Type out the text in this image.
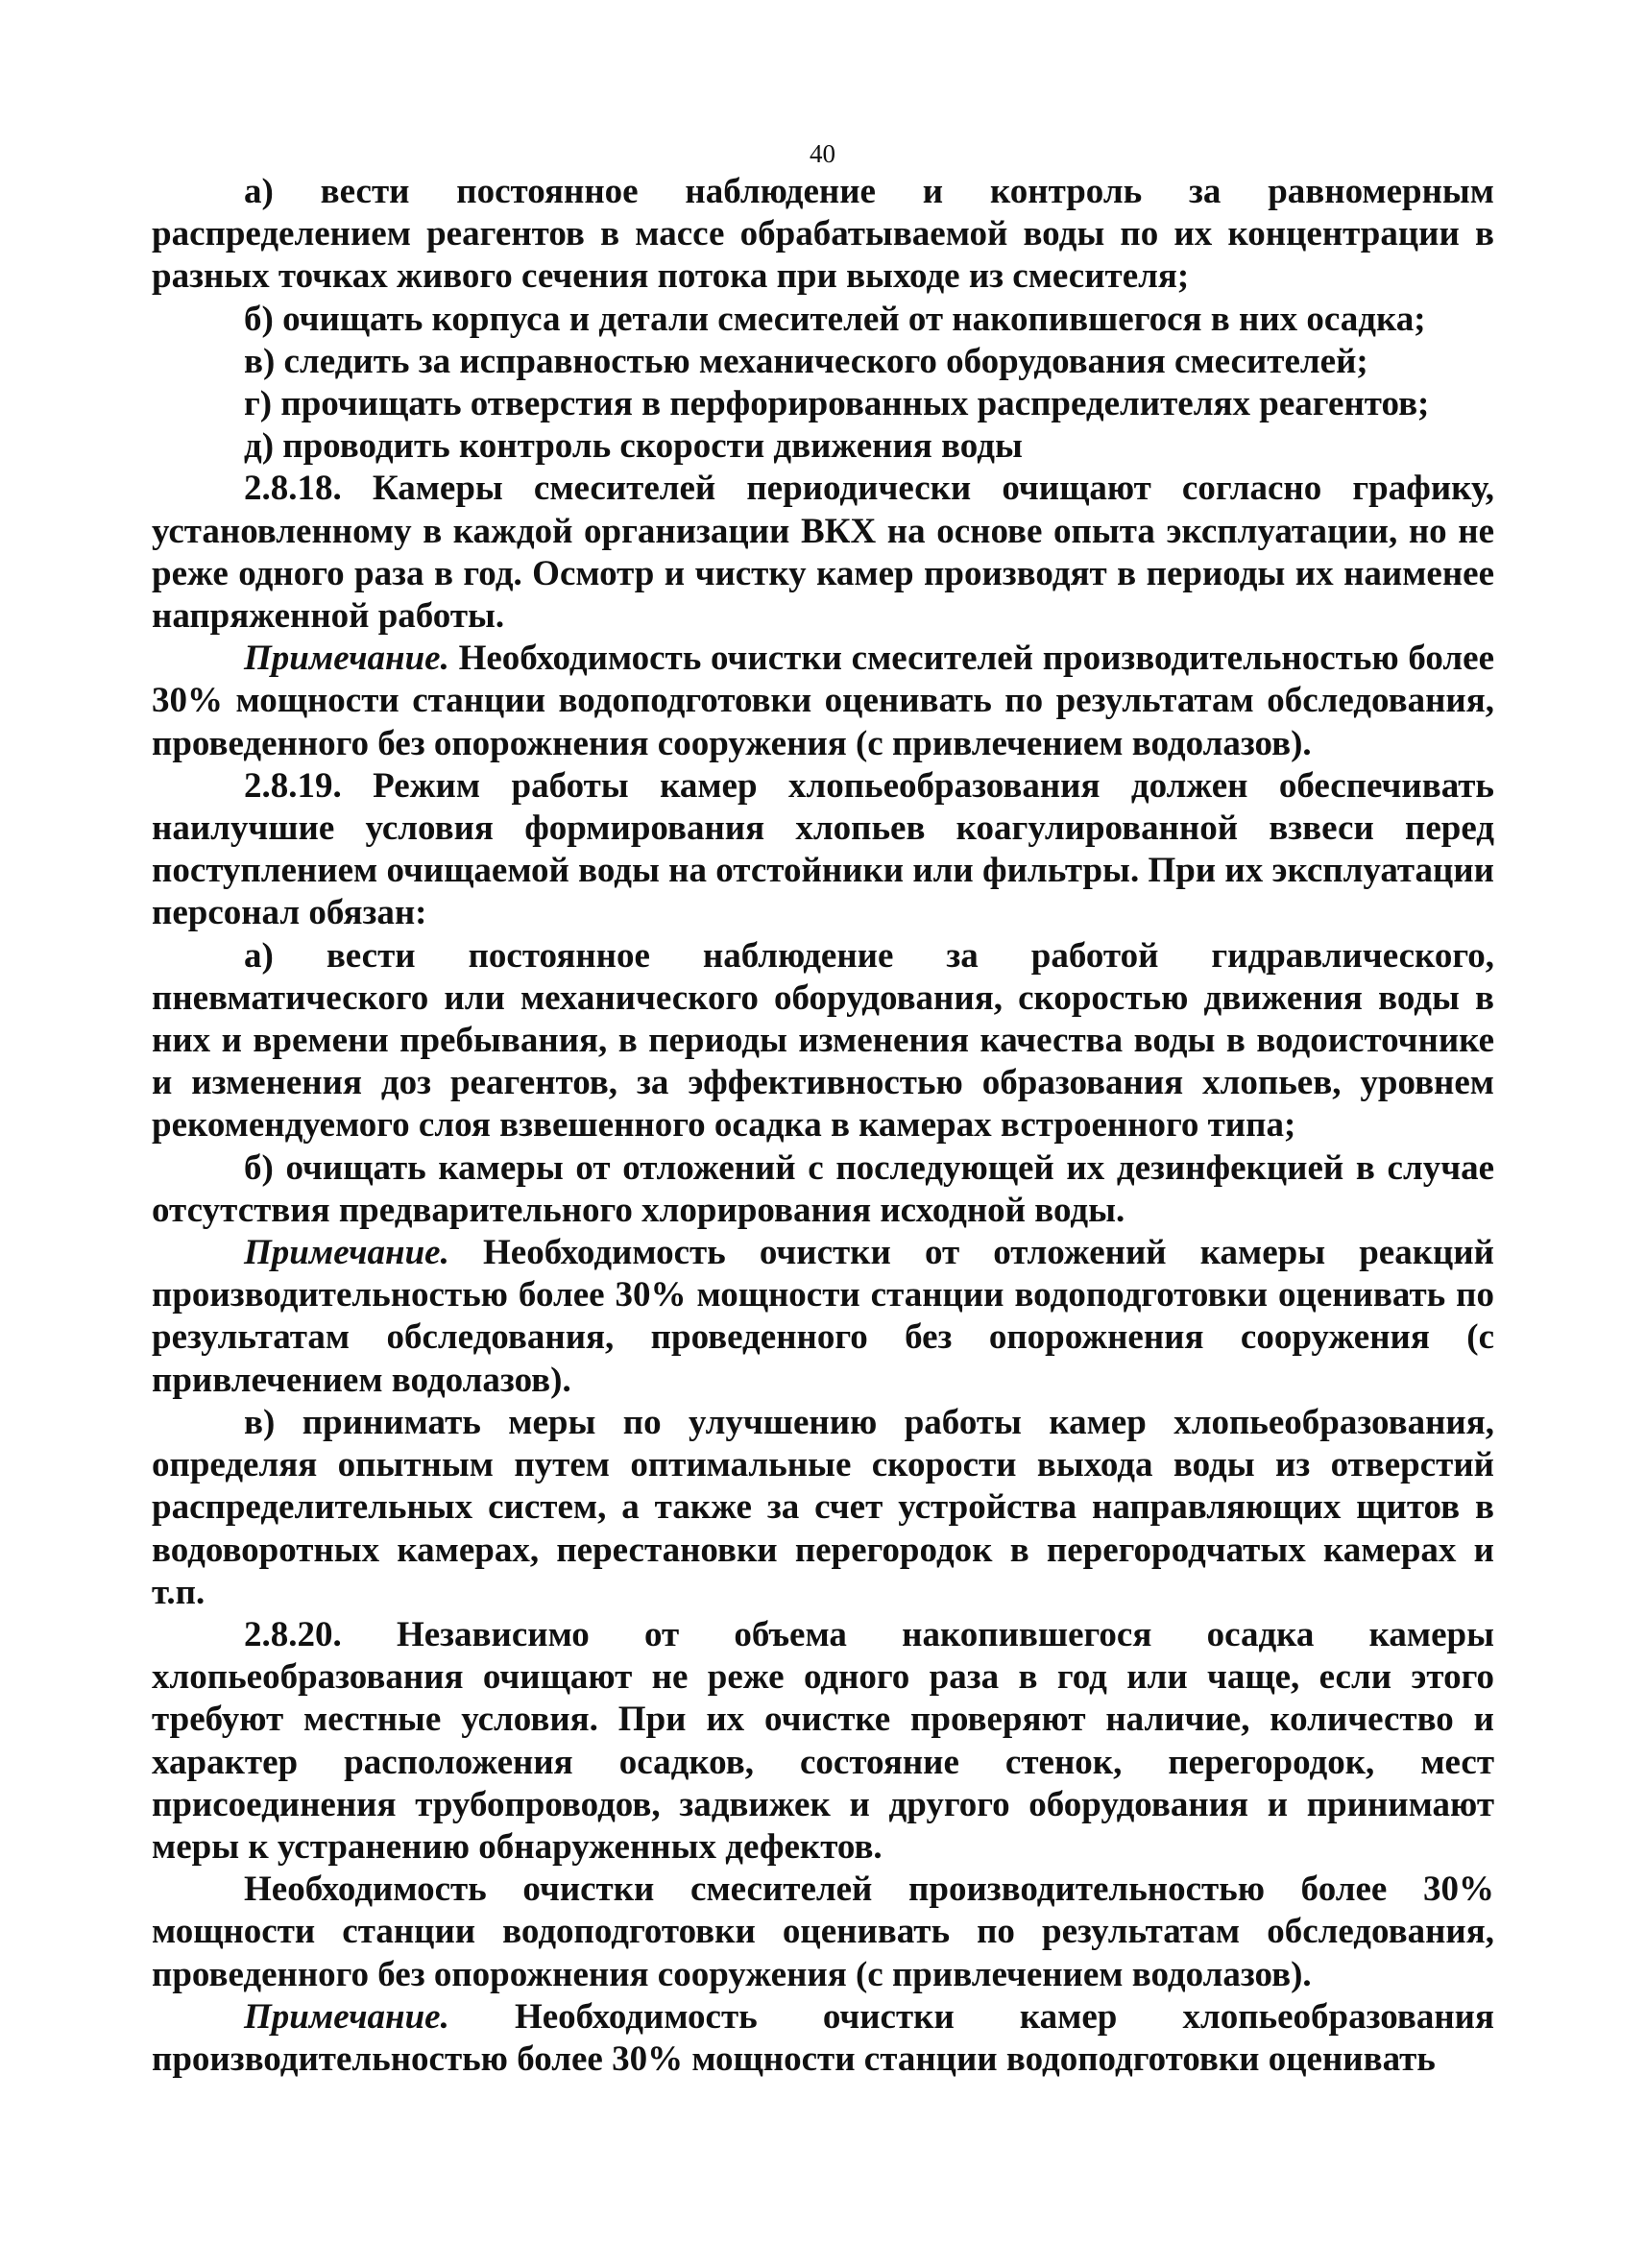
40

а) вести постоянное наблюдение и контроль за равномерным распределением реагентов в массе обрабатываемой воды по их концентрации в разных точках живого сечения потока при выходе из смесителя;

б) очищать корпуса и детали смесителей от накопившегося в них осадка;

в) следить за исправностью механического оборудования смесителей;

г) прочищать отверстия в перфорированных распределителях реагентов;

д) проводить контроль скорости движения воды

2.8.18. Камеры смесителей периодически очищают согласно графику, установленному в каждой организации ВКХ на основе опыта эксплуатации, но не реже одного раза в год. Осмотр и чистку камер производят в периоды их наименее напряженной работы.

Примечание. Необходимость очистки смесителей производительностью более 30% мощности станции водоподготовки оценивать по результатам обследования, проведенного без опорожнения сооружения (с привлечением водолазов).

2.8.19. Режим работы камер хлопьеобразования должен обеспечивать наилучшие условия формирования хлопьев коагулированной взвеси перед поступлением очищаемой воды на отстойники или фильтры. При их эксплуатации персонал обязан:

а) вести постоянное наблюдение за работой гидравлического, пневматического или механического оборудования, скоростью движения воды в них и времени пребывания, в периоды изменения качества воды в водоисточнике и изменения доз реагентов, за эффективностью образования хлопьев, уровнем рекомендуемого слоя взвешенного осадка в камерах встроенного типа;

б) очищать камеры от отложений с последующей их дезинфекцией в случае отсутствия предварительного хлорирования исходной воды.

Примечание. Необходимость очистки от отложений камеры реакций производительностью более 30% мощности станции водоподготовки оценивать по результатам обследования, проведенного без опорожнения сооружения (с привлечением водолазов).

в) принимать меры по улучшению работы камер хлопьеобразования, определяя опытным путем оптимальные скорости выхода воды из отверстий распределительных систем, а также за счет устройства направляющих щитов в водоворотных камерах, перестановки перегородок в перегородчатых камерах и т.п.

2.8.20. Независимо от объема накопившегося осадка камеры хлопьеобразования очищают не реже одного раза в год или чаще, если этого требуют местные условия. При их очистке проверяют наличие, количество и характер расположения осадков, состояние стенок, перегородок, мест присоединения трубопроводов, задвижек и другого оборудования и принимают меры к устранению обнаруженных дефектов.

Необходимость очистки смесителей производительностью более 30% мощности станции водоподготовки оценивать по результатам обследования, проведенного без опорожнения сооружения (с привлечением водолазов).

Примечание. Необходимость очистки камер хлопьеобразования производительностью более 30% мощности станции водоподготовки оценивать
